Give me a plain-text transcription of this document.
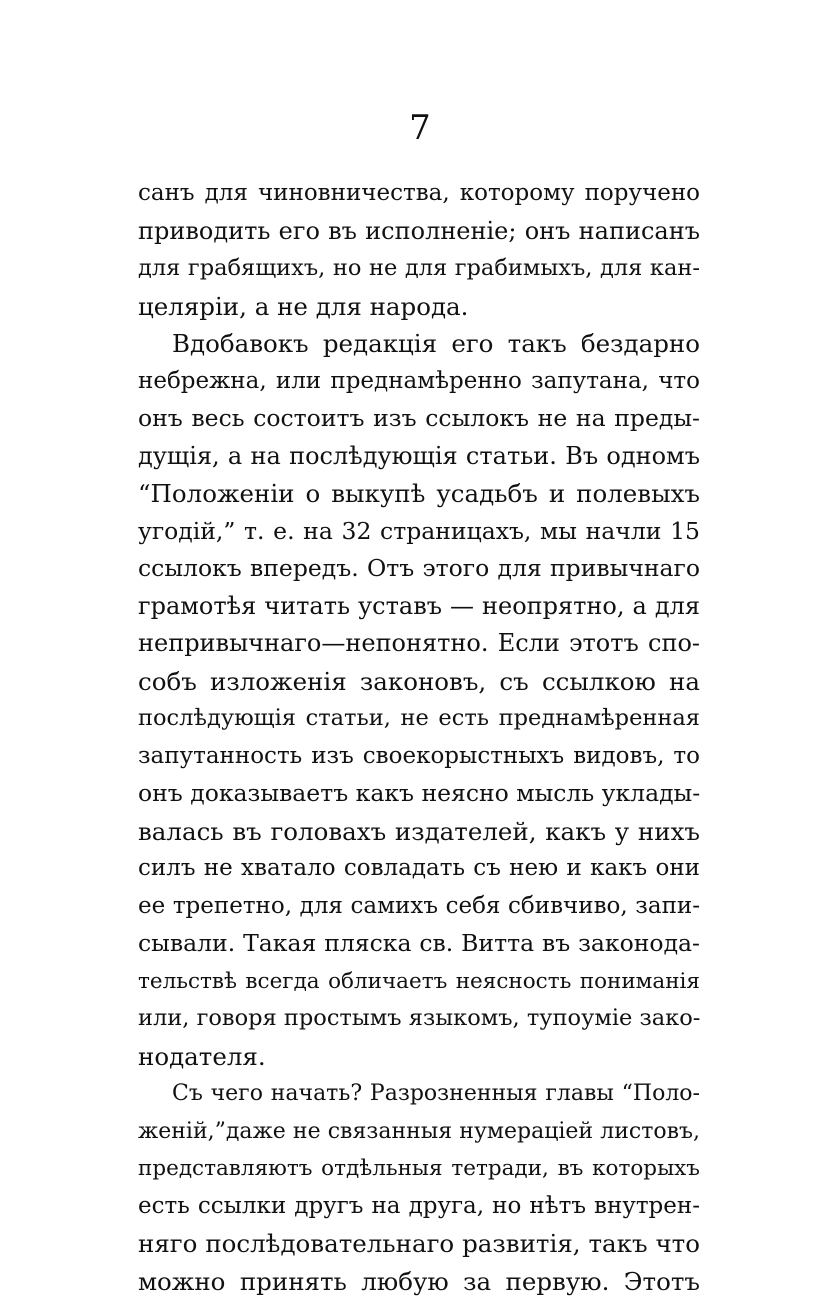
7
санъ для чиновничества, которому поручено
приводить его въ исполненіе; онъ написанъ
для грабящихъ, но не для грабимыхъ, для кан-
целяріи, а не для народа.
Вдобавокъ редакція его такъ бездарно
небрежна, или преднамѣренно запутана, что
онъ весь состоитъ изъ ссылокъ не на преды-
дущія, а на послѣдующія статьи. Въ одномъ
“Положеніи о выкупѣ усадьбъ и полевыхъ
угодій,” т. е. на 32 страницахъ, мы начли 15
ссылокъ впередъ. Отъ этого для привычнаго
грамотѣя читать уставъ — неопрятно, а для
непривычнаго—непонятно. Если этотъ спо-
собъ изложенія законовъ, съ ссылкою на
послѣдующія статьи, не есть преднамѣренная
запутанность изъ своекорыстныхъ видовъ, то
онъ доказываетъ какъ неясно мысль уклады-
валась въ головахъ издателей, какъ у нихъ
силъ не хватало совладать съ нею и какъ они
ее трепетно, для самихъ себя сбивчиво, запи-
сывали. Такая пляска св. Витта въ законода-
тельствѣ всегда обличаетъ неясность пониманія
или, говоря простымъ языкомъ, тупоуміе зако-
нодателя.
Съ чего начать? Разрозненныя главы “Поло-
женій,”даже не связанныя нумераціей листовъ,
представляютъ отдѣльныя тетради, въ которыхъ
есть ссылки другъ на друга, но нѣтъ внутрен-
няго послѣдовательнаго развитія, такъ что
можно принять любую за первую. Этотъ
